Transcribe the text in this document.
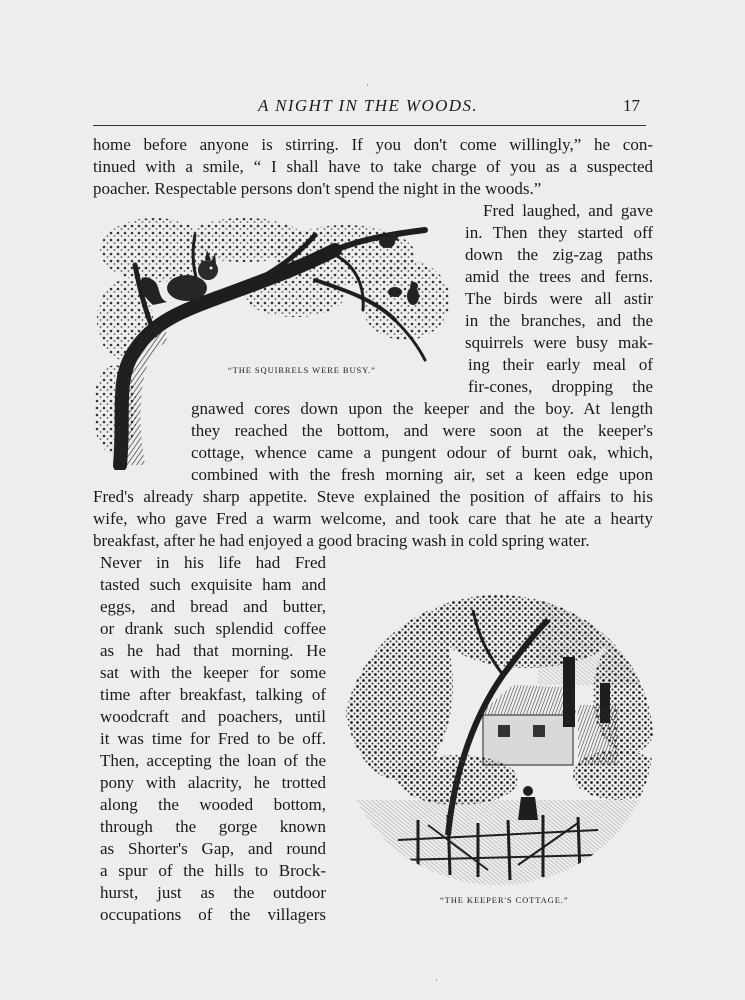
A NIGHT IN THE WOODS.	17
home before anyone is stirring. If you don't come willingly,” he con-
tinued with a smile, “ I shall have to take charge of you as a suspected
poacher. Respectable persons don't spend the night in the woods.”
Fred laughed, and gave
in. Then they started off
down the zig-zag paths
amid the trees and ferns.
The birds were all astir
in the branches, and the
squirrels were busy mak-
ing their early meal of
fir-cones, dropping the
gnawed cores down upon the keeper and the boy. At length
they reached the bottom, and were soon at the keeper's
cottage, whence came a pungent odour of burnt oak, which,
combined with the fresh morning air, set a keen edge upon
Fred's already sharp appetite. Steve explained the position of affairs to his
wife, who gave Fred a warm welcome, and took care that he ate a hearty
breakfast, after he had enjoyed a good bracing wash in cold spring water.
Never in his life had Fred
tasted such exquisite ham and
eggs, and bread and butter,
or drank such splendid coffee
as he had that morning. He
sat with the keeper for some
time after breakfast, talking of
woodcraft and poachers, until
it was time for Fred to be off.
Then, accepting the loan of the
pony with alacrity, he trotted
along the wooded bottom,
through the gorge known
as Shorter's Gap, and round
a spur of the hills to Brock-
hurst, just as the outdoor
occupations of the villagers
“THE SQUIRRELS WERE BUSY.”
“THE KEEPER'S COTTAGE.”
·
·
